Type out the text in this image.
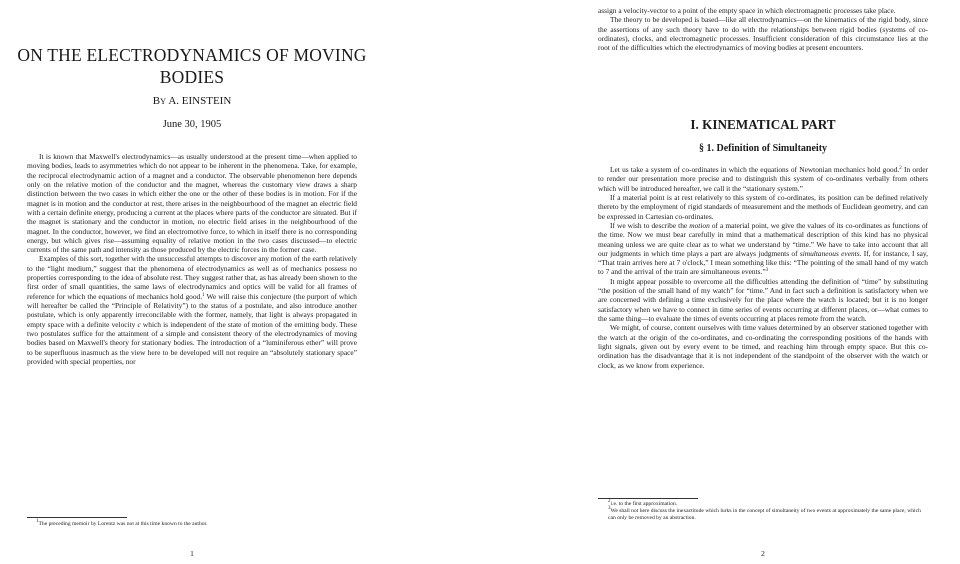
ON THE ELECTRODYNAMICS OF MOVING BODIES

BY A. EINSTEIN

June 30, 1905

It is known that Maxwell's electrodynamics—as usually understood at the present time—when applied to moving bodies, leads to asymmetries which do not appear to be inherent in the phenomena. Take, for example, the reciprocal electrodynamic action of a magnet and a conductor. The observable phenomenon here depends only on the relative motion of the conductor and the magnet, whereas the customary view draws a sharp distinction between the two cases in which either the one or the other of these bodies is in motion. For if the magnet is in motion and the conductor at rest, there arises in the neighbourhood of the magnet an electric field with a certain definite energy, producing a current at the places where parts of the conductor are situated. But if the magnet is stationary and the conductor in motion, no electric field arises in the neighbourhood of the magnet. In the conductor, however, we find an electromotive force, to which in itself there is no corresponding energy, but which gives rise—assuming equality of relative motion in the two cases discussed—to electric currents of the same path and intensity as those produced by the electric forces in the former case.

Examples of this sort, together with the unsuccessful attempts to discover any motion of the earth relatively to the “light medium,” suggest that the phenomena of electrodynamics as well as of mechanics possess no properties corresponding to the idea of absolute rest. They suggest rather that, as has already been shown to the first order of small quantities, the same laws of electrodynamics and optics will be valid for all frames of reference for which the equations of mechanics hold good.$^1$ We will raise this conjecture (the purport of which will hereafter be called the “Principle of Relativity”) to the status of a postulate, and also introduce another postulate, which is only apparently irreconcilable with the former, namely, that light is always propagated in empty space with a definite velocity c which is independent of the state of motion of the emitting body. These two postulates suffice for the attainment of a simple and consistent theory of the electrodynamics of moving bodies based on Maxwell's theory for stationary bodies. The introduction of a “luminiferous ether” will prove to be superfluous inasmuch as the view here to be developed will not require an “absolutely stationary space” provided with special properties, nor

$^1$The preceding memoir by Lorentz was not at this time known to the author.

1

assign a velocity-vector to a point of the empty space in which electromagnetic processes take place.

The theory to be developed is based—like all electrodynamics—on the kinematics of the rigid body, since the assertions of any such theory have to do with the relationships between rigid bodies (systems of co-ordinates), clocks, and electromagnetic processes. Insufficient consideration of this circumstance lies at the root of the difficulties which the electrodynamics of moving bodies at present encounters.

I. KINEMATICAL PART
§ 1. Definition of Simultaneity

Let us take a system of co-ordinates in which the equations of Newtonian mechanics hold good.$^2$ In order to render our presentation more precise and to distinguish this system of co-ordinates verbally from others which will be introduced hereafter, we call it the “stationary system.”

If a material point is at rest relatively to this system of co-ordinates, its position can be defined relatively thereto by the employment of rigid standards of measurement and the methods of Euclidean geometry, and can be expressed in Cartesian co-ordinates.

If we wish to describe the motion of a material point, we give the values of its co-ordinates as functions of the time. Now we must bear carefully in mind that a mathematical description of this kind has no physical meaning unless we are quite clear as to what we understand by “time.” We have to take into account that all our judgments in which time plays a part are always judgments of simultaneous events. If, for instance, I say, “That train arrives here at 7 o'clock,” I mean something like this: “The pointing of the small hand of my watch to 7 and the arrival of the train are simultaneous events.”$^3$

It might appear possible to overcome all the difficulties attending the definition of “time” by substituting “the position of the small hand of my watch” for “time.” And in fact such a definition is satisfactory when we are concerned with defining a time exclusively for the place where the watch is located; but it is no longer satisfactory when we have to connect in time series of events occurring at different places, or—what comes to the same thing—to evaluate the times of events occurring at places remote from the watch.

We might, of course, content ourselves with time values determined by an observer stationed together with the watch at the origin of the co-ordinates, and co-ordinating the corresponding positions of the hands with light signals, given out by every event to be timed, and reaching him through empty space. But this co-ordination has the disadvantage that it is not independent of the standpoint of the observer with the watch or clock, as we know from experience.

$^2$i.e. to the first approximation.

$^3$We shall not here discuss the inexactitude which lurks in the concept of simultaneity of two events at approximately the same place, which can only be removed by an abstraction.

2
